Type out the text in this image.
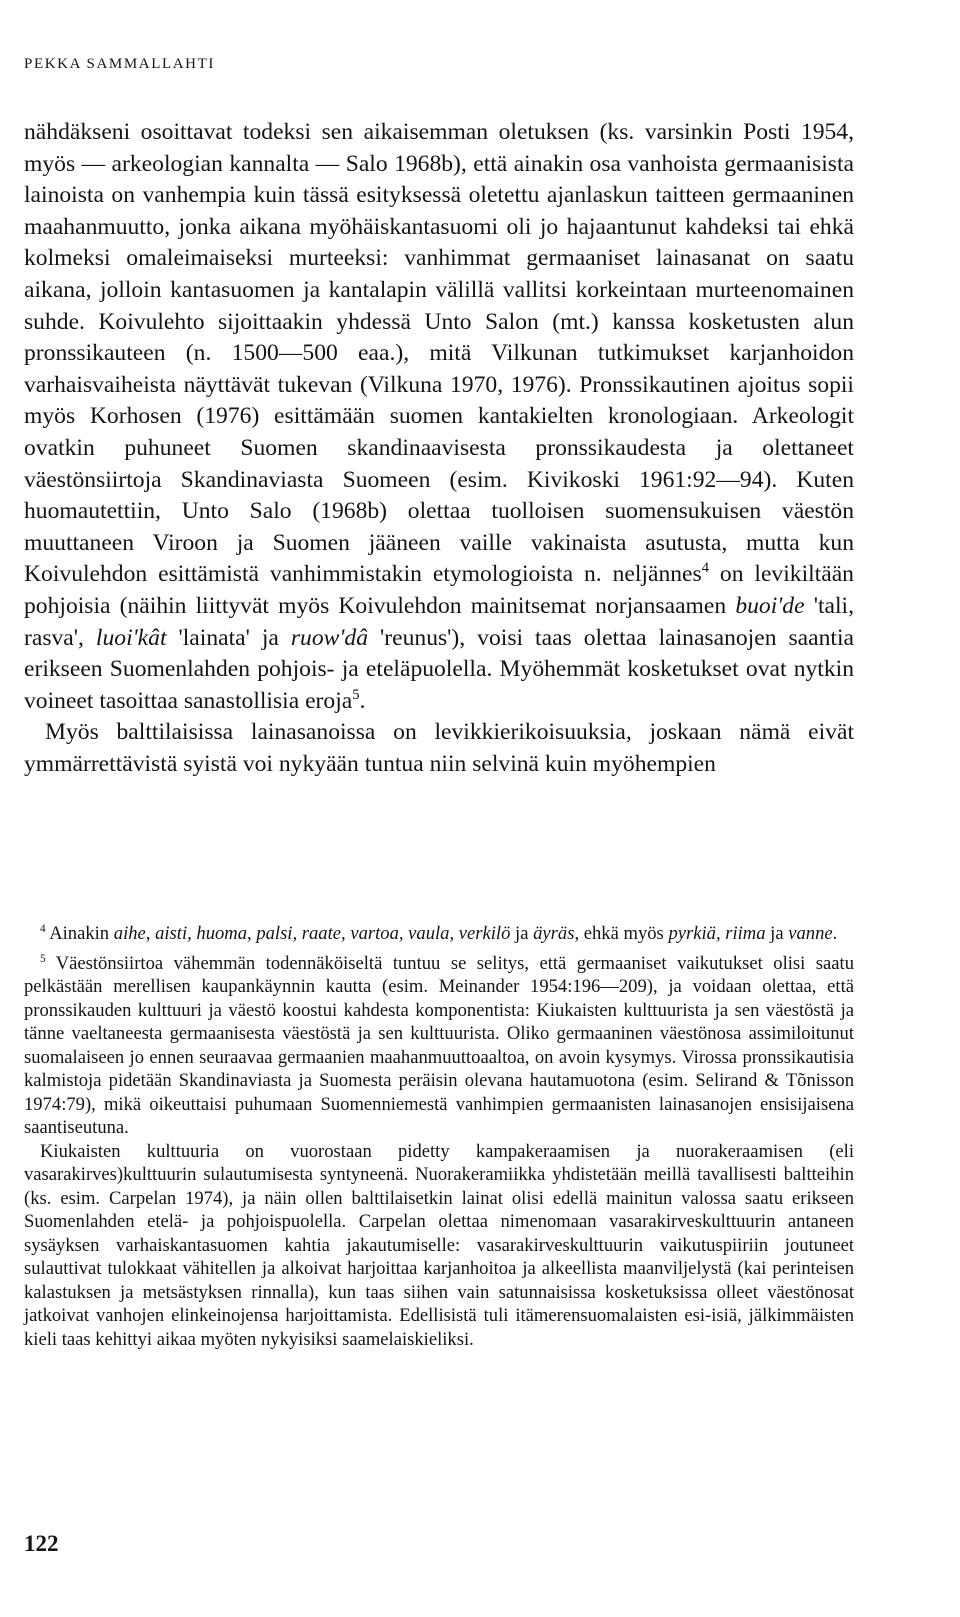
PEKKA SAMMALLAHTI

nähdäkseni osoittavat todeksi sen aikaisemman oletuksen (ks. varsinkin Posti 1954, myös — arkeologian kannalta — Salo 1968b), että ainakin osa vanhoista germaanisista lainoista on vanhempia kuin tässä esityksessä oletettu ajanlaskun taitteen germaaninen maahanmuutto, jonka aikana myöhäiskantasuomi oli jo hajaantunut kahdeksi tai ehkä kolmeksi omaleimaiseksi murteeksi: vanhimmat germaaniset lainasanat on saatu aikana, jolloin kantasuomen ja kantalapin välillä vallitsi korkeintaan murteenomainen suhde. Koivulehto sijoittaakin yhdessä Unto Salon (mt.) kanssa kosketusten alun pronssikauteen (n. 1500—500 eaa.), mitä Vilkunan tutkimukset karjanhoidon varhaisvaiheista näyttävät tukevan (Vilkuna 1970, 1976). Pronssikautinen ajoitus sopii myös Korhosen (1976) esittämään suomen kantakielten kronologiaan. Arkeologit ovatkin puhuneet Suomen skandinaavisesta pronssikaudesta ja olettaneet väestönsiirtoja Skandinaviasta Suomeen (esim. Kivikoski 1961:92—94). Kuten huomautettiin, Unto Salo (1968b) olettaa tuolloisen suomensukuisen väestön muuttaneen Viroon ja Suomen jääneen vaille vakinaista asutusta, mutta kun Koivulehdon esittämistä vanhimmistakin etymologioista n. neljännes$^4$ on levikiltään pohjoisia (näihin liittyvät myös Koivulehdon mainitsemat norjansaamen buoi'de 'tali, rasva', luoi'kât 'lainata' ja ruow'dâ 'reunus'), voisi taas olettaa lainasanojen saantia erikseen Suomenlahden pohjois- ja eteläpuolella. Myöhemmät kosketukset ovat nytkin voineet tasoittaa sanastollisia eroja$^5$.

Myös balttilaisissa lainasanoissa on levikkierikoisuuksia, joskaan nämä eivät ymmärrettävistä syistä voi nykyään tuntua niin selvinä kuin myöhempien

$^4$ Ainakin aihe, aisti, huoma, palsi, raate, vartoa, vaula, verkilö ja äyräs, ehkä myös pyrkiä, riima ja vanne.

$^5$ Väestönsiirtoa vähemmän todennäköiseltä tuntuu se selitys, että germaaniset vaikutukset olisi saatu pelkästään merellisen kaupankäynnin kautta (esim. Meinander 1954:196—209), ja voidaan olettaa, että pronssikauden kulttuuri ja väestö koostui kahdesta komponentista: Kiukaisten kulttuurista ja sen väestöstä ja tänne vaeltaneesta germaanisesta väestöstä ja sen kulttuurista. Oliko germaaninen väestönosa assimiloitunut suomalaiseen jo ennen seuraavaa germaanien maahanmuuttoaaltoa, on avoin kysymys. Virossa pronssikautisia kalmistoja pidetään Skandinaviasta ja Suomesta peräisin olevana hautamuotona (esim. Selirand & Tõnisson 1974:79), mikä oikeuttaisi puhumaan Suomenniemestä vanhimpien germaanisten lainasanojen ensisijaisena saantiseutuna.

Kiukaisten kulttuuria on vuorostaan pidetty kampakeraamisen ja nuorakeraamisen (eli vasarakirves)kulttuurin sulautumisesta syntyneenä. Nuorakeramiikka yhdistetään meillä tavallisesti baltteihin (ks. esim. Carpelan 1974), ja näin ollen balttilaisetkin lainat olisi edellä mainitun valossa saatu erikseen Suomenlahden etelä- ja pohjoispuolella. Carpelan olettaa nimenomaan vasarakirveskulttuurin antaneen sysäyksen varhaiskantasuomen kahtia jakautumiselle: vasarakirveskulttuurin vaikutuspiiriin joutuneet sulauttivat tulokkaat vähitellen ja alkoivat harjoittaa karjanhoitoa ja alkeellista maanviljelystä (kai perinteisen kalastuksen ja metsästyksen rinnalla), kun taas siihen vain satunnaisissa kosketuksissa olleet väestönosat jatkoivat vanhojen elinkeinojensa harjoittamista. Edellisistä tuli itämerensuomalaisten esi-isiä, jälkimmäisten kieli taas kehittyi aikaa myöten nykyisiksi saamelaiskieliksi.

122
